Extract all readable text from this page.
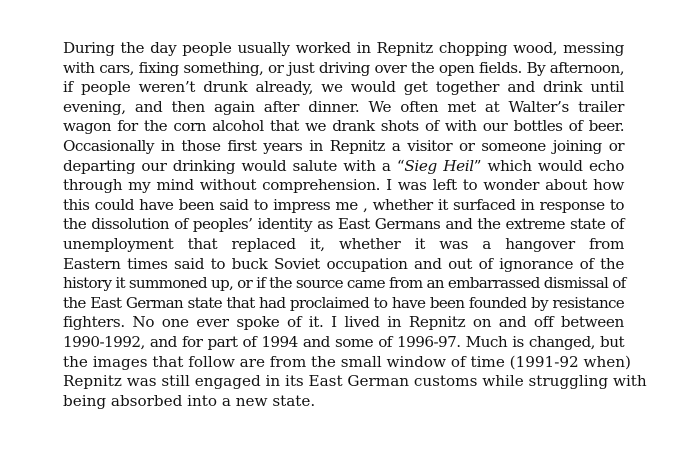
During the day people usually worked in Repnitz chopping wood, messing
with cars, fixing something, or just driving over the open fields. By afternoon,
if people weren’t drunk already, we would get together and drink until
evening, and then again after dinner. We often met at Walter’s trailer
wagon for the corn alcohol that we drank shots of with our bottles of beer.
Occasionally in those first years in Repnitz a visitor or someone joining or
departing our drinking would salute with a “Sieg Heil” which would echo
through my mind without comprehension. I was left to wonder about how
this could have been said to impress me , whether it surfaced in response to
the dissolution of peoples’ identity as East Germans and the extreme state of
unemployment that replaced it, whether it was a hangover from
Eastern times said to buck Soviet occupation and out of ignorance of the
history it summoned up, or if the source came from an embarrassed dismissal of
the East German state that had proclaimed to have been founded by resistance
fighters. No one ever spoke of it. I lived in Repnitz on and off between
1990-1992, and for part of 1994 and some of 1996-97. Much is changed, but
the images that follow are from the small window of time (1991-92 when)
Repnitz was still engaged in its East German customs while struggling with
being absorbed into a new state.
